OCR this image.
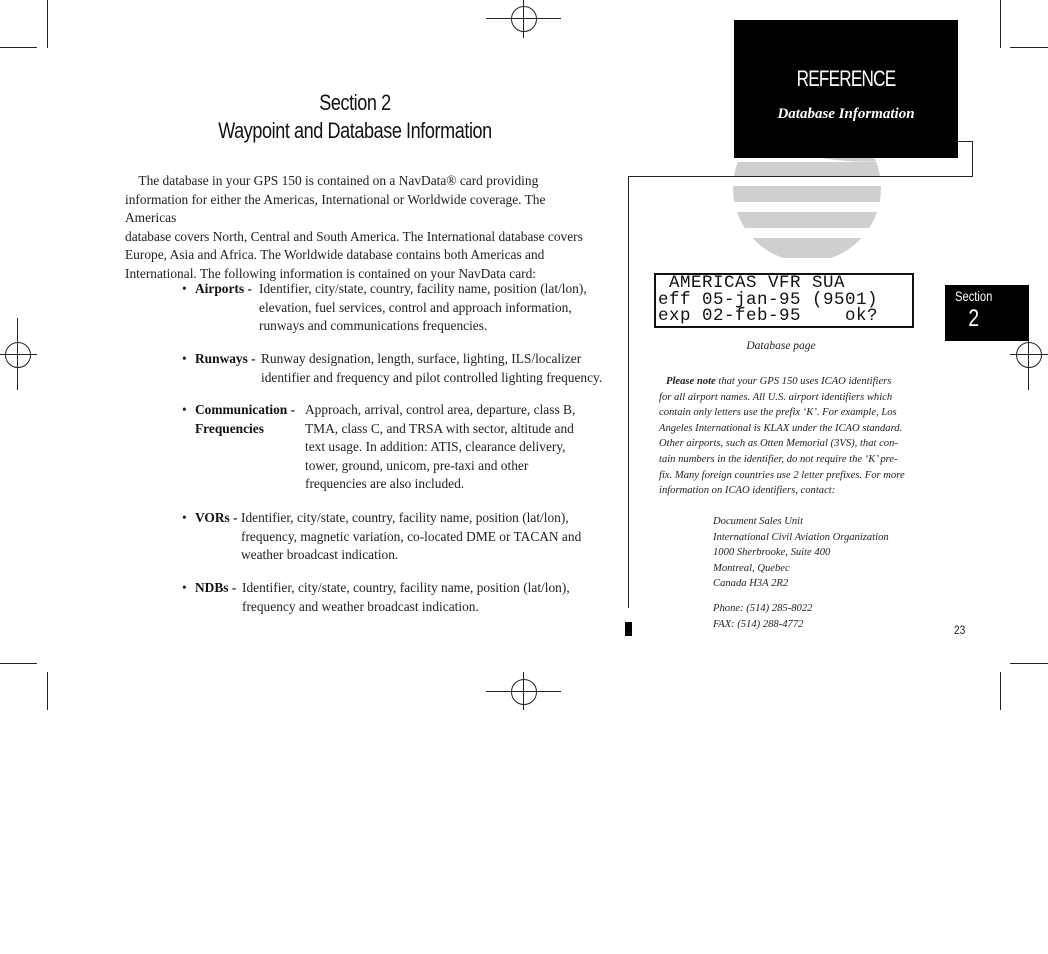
Section 2
Waypoint and Database Information
The database in your GPS 150 is contained on a NavData® card providing
information for either the Americas, International or Worldwide coverage. The Americas
database covers North, Central and South America. The International database covers
Europe, Asia and Africa. The Worldwide database contains both Americas and
International. The following information is contained on your NavData card:
• Airports - Identifier, city/state, country, facility name, position (lat/lon),
elevation, fuel services, control and approach information,
runways and communications frequencies.
• Runways - Runway designation, length, surface, lighting, ILS/localizer
identifier and frequency and pilot controlled lighting frequency.
• Communication -
Frequencies
Approach, arrival, control area, departure, class B,
TMA, class C, and TRSA with sector, altitude and
text usage. In addition: ATIS, clearance delivery,
tower, ground, unicom, pre-taxi and other
frequencies are also included.
• VORs - Identifier, city/state, country, facility name, position (lat/lon),
frequency, magnetic variation, co-located DME or TACAN and
weather broadcast indication.
• NDBs - Identifier, city/state, country, facility name, position (lat/lon),
frequency and weather broadcast indication.
REFERENCE
Database Information
AMERICAS VFR SUA
eff 05-jan-95 (9501)
exp 02-feb-95    ok?
Database page
Please note that your GPS 150 uses ICAO identifiers
for all airport names. All U.S. airport identifiers which
contain only letters use the prefix ‘K’. For example, Los
Angeles International is KLAX under the ICAO standard.
Other airports, such as Otten Memorial (3VS), that con-
tain numbers in the identifier, do not require the ‘K’ pre-
fix. Many foreign countries use 2 letter prefixes. For more
information on ICAO identifiers, contact:
Document Sales Unit
International Civil Aviation Organization
1000 Sherbrooke, Suite 400
Montreal, Quebec
Canada H3A 2R2
Phone: (514) 285-8022
FAX: (514) 288-4772
Section
2
23
